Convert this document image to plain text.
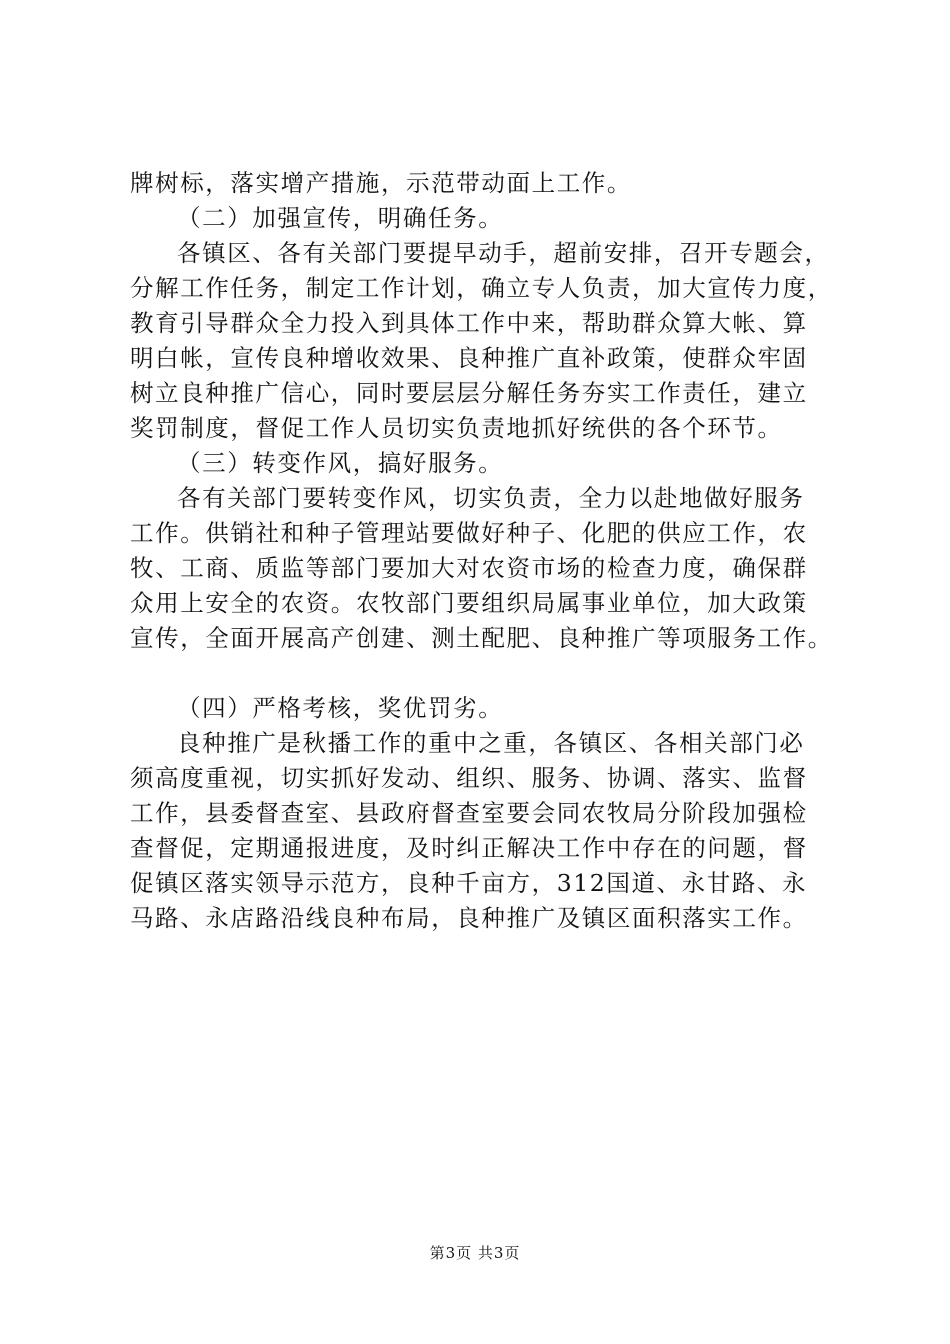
牌树标，落实增产措施，示范带动面上工作。
（二）加强宣传，明确任务。
各镇区、各有关部门要提早动手，超前安排，召开专题会，
分解工作任务，制定工作计划，确立专人负责，加大宣传力度，
教育引导群众全力投入到具体工作中来，帮助群众算大帐、算
明白帐，宣传良种增收效果、良种推广直补政策，使群众牢固
树立良种推广信心，同时要层层分解任务夯实工作责任，建立
奖罚制度，督促工作人员切实负责地抓好统供的各个环节。
（三）转变作风，搞好服务。
各有关部门要转变作风，切实负责，全力以赴地做好服务
工作。供销社和种子管理站要做好种子、化肥的供应工作，农
牧、工商、质监等部门要加大对农资市场的检查力度，确保群
众用上安全的农资。农牧部门要组织局属事业单位，加大政策
宣传，全面开展高产创建、测土配肥、良种推广等项服务工作。
（四）严格考核，奖优罚劣。
良种推广是秋播工作的重中之重，各镇区、各相关部门必
须高度重视，切实抓好发动、组织、服务、协调、落实、监督
工作，县委督查室、县政府督查室要会同农牧局分阶段加强检
查督促，定期通报进度，及时纠正解决工作中存在的问题，督
促镇区落实领导示范方，良种千亩方，312国道、永甘路、永
马路、永店路沿线良种布局，良种推广及镇区面积落实工作。
第3页 共3页
